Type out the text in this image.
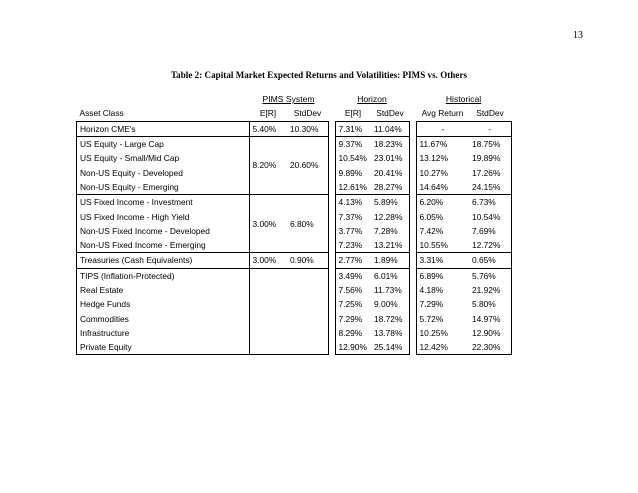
13
Table 2: Capital Market Expected Returns and Volatilities: PIMS vs. Others
		PIMS System			Horizon			Historical	
Asset Class		E[R]	StdDev		E[R]	StdDev		Avg Return	StdDev
Horizon CME's		5.40%	10.30%		7.31%	11.04%		-	-
US Equity - Large Cap		8.20%	20.60%		9.37%	18.23%		11.67%	18.75%
US Equity - Small/Mid Cap					10.54%	23.01%		13.12%	19.89%
Non-US Equity - Developed					9.89%	20.41%		10.27%	17.26%
Non-US Equity - Emerging					12.61%	28.27%		14.64%	24.15%
US Fixed Income - Investment		3.00%	6.80%		4.13%	5.89%		6.20%	6.73%
US Fixed Income - High Yield					7.37%	12.28%		6.05%	10.54%
Non-US Fixed Income - Developed					3.77%	7.28%		7.42%	7.69%
Non-US Fixed Income - Emerging					7.23%	13.21%		10.55%	12.72%
Treasuries (Cash Equivalents)		3.00%	0.90%		2.77%	1.89%		3.31%	0.65%
TIPS (Inflation-Protected)					3.49%	6.01%		6.89%	5.76%
Real Estate					7.56%	11.73%		4.18%	21.92%
Hedge Funds					7.25%	9.00%		7.29%	5.80%
Commodities					7.29%	18.72%		5.72%	14.97%
Infrastructure					8.29%	13.78%		10.25%	12.90%
Private Equity					12.90%	25.14%		12.42%	22.30%
